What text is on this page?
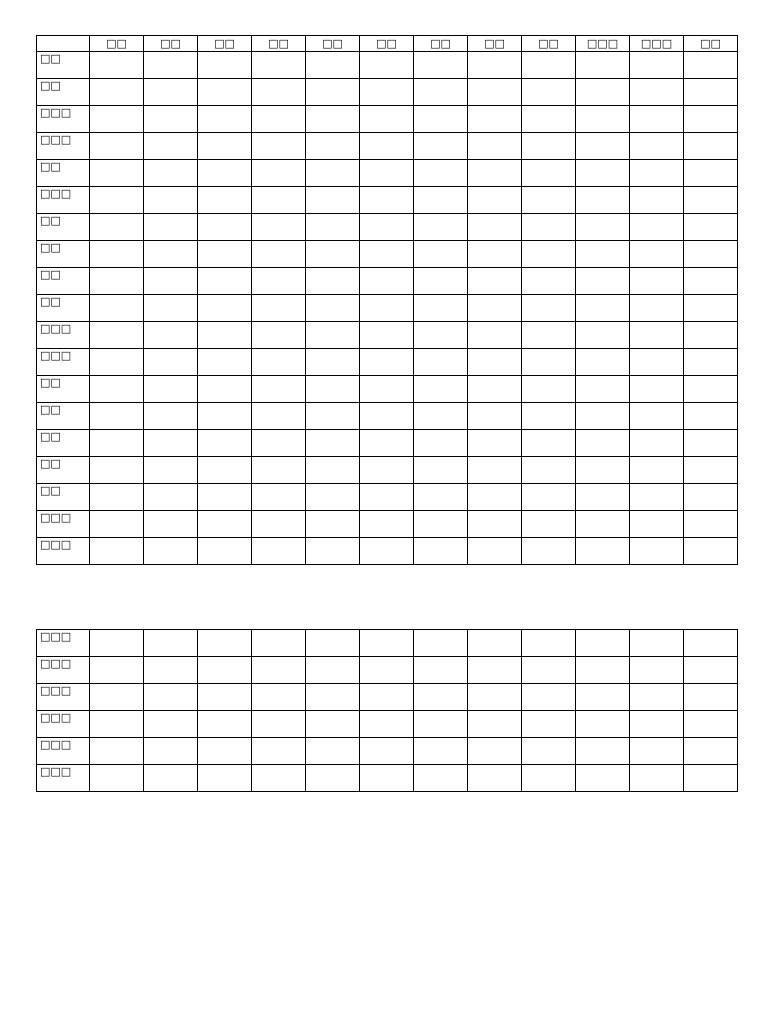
	□□	□□	□□	□□	□□	□□	□□	□□	□□	□□□	□□□	□□
□□												
□□												
□□□												
□□□												
□□												
□□□												
□□												
□□												
□□												
□□												
□□□												
□□□												
□□												
□□												
□□												
□□												
□□												
□□□												
□□□												
□□□												
□□□												
□□□												
□□□												
□□□												
□□□												
